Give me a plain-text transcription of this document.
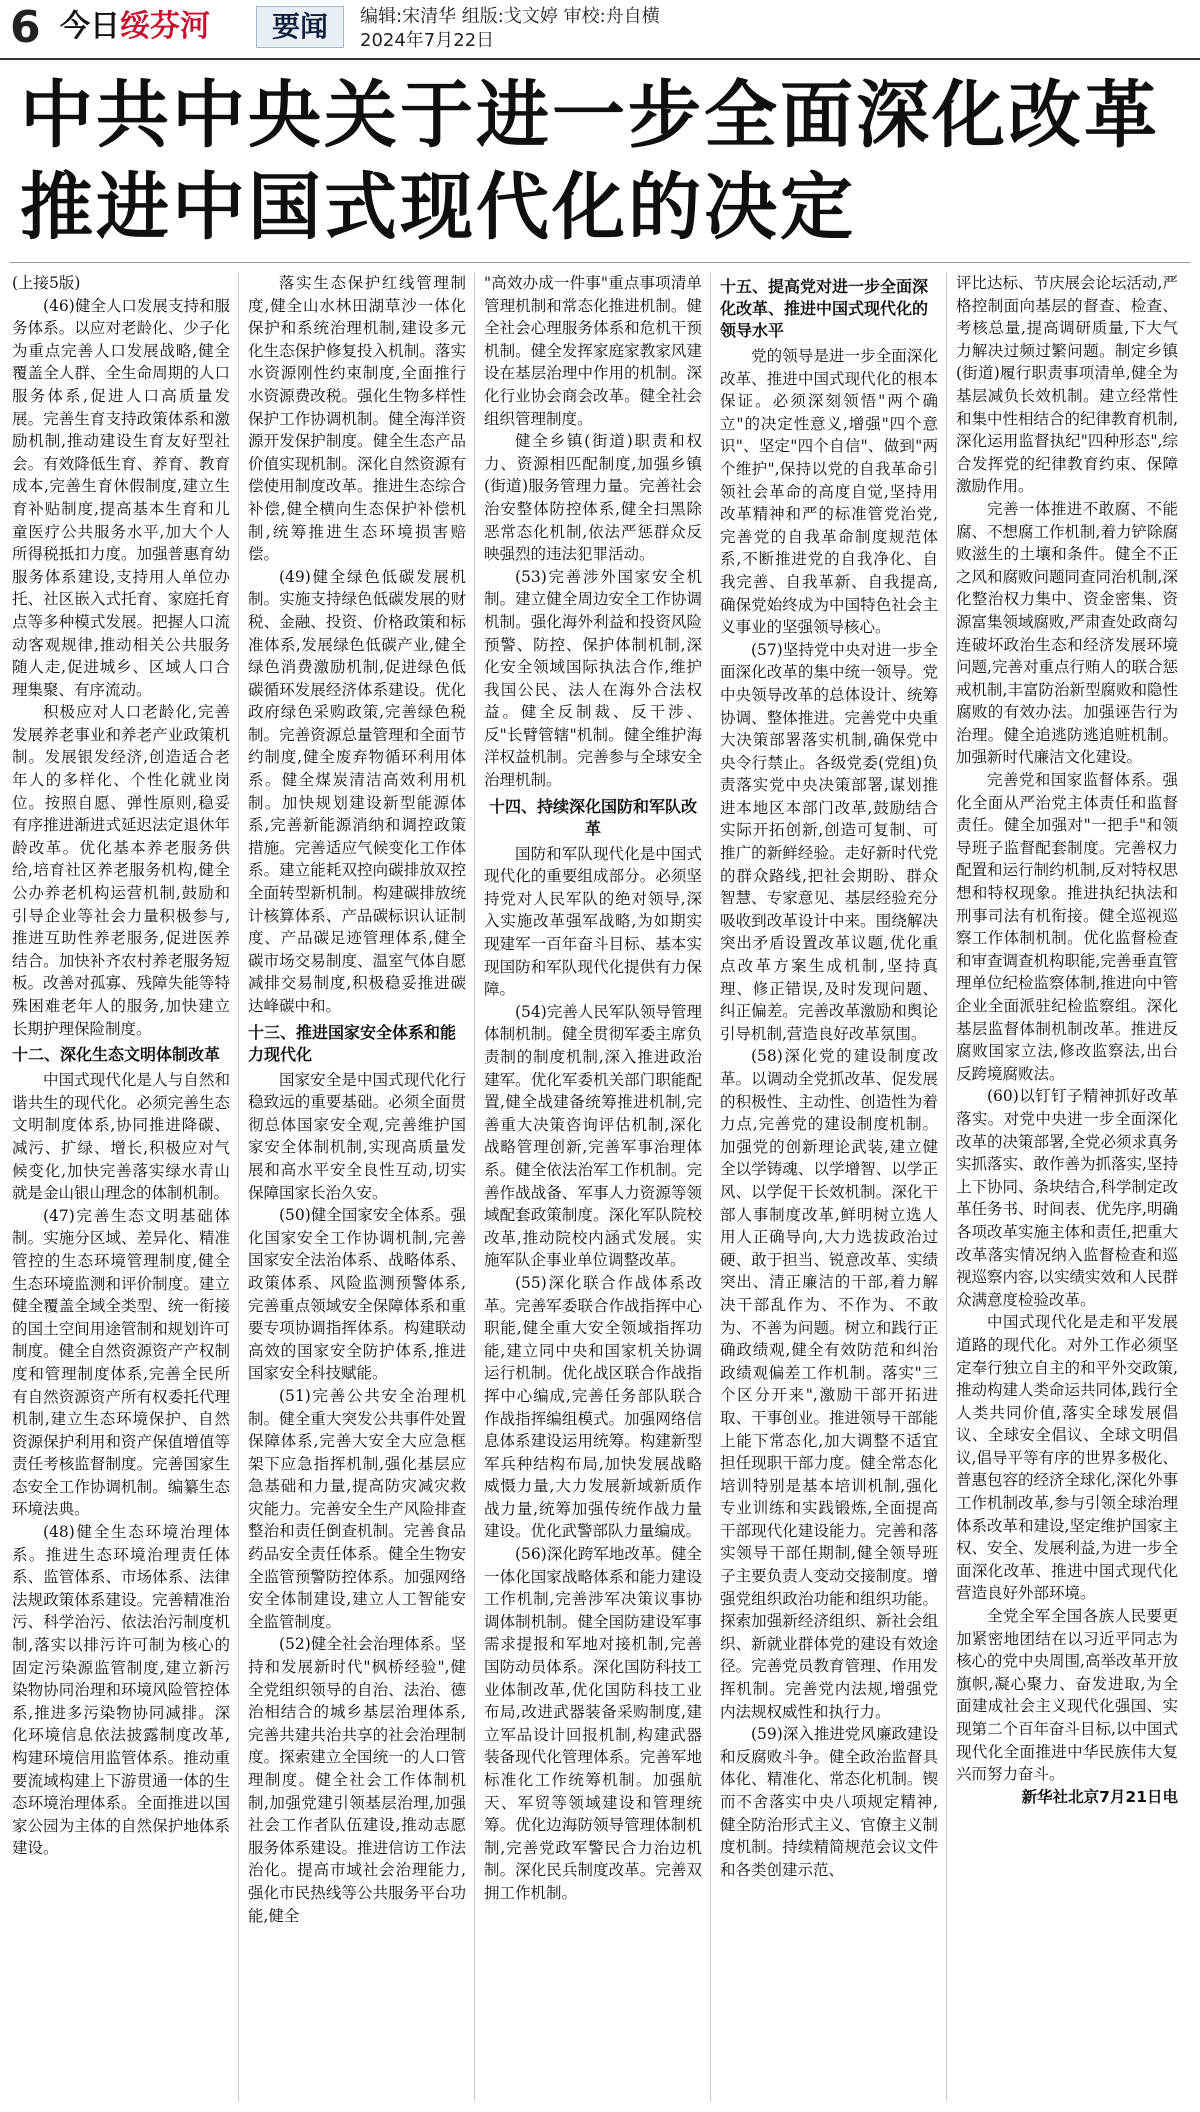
6 今日绥芬河	要闻	编辑:宋清华 组版:戈文婷 审校:舟自横
2024年7月22日
中共中央关于进一步全面深化改革
推进中国式现代化的决定

(上接5版)

(46)健全人口发展支持和服务体系。以应对老龄化、少子化为重点完善人口发展战略,健全覆盖全人群、全生命周期的人口服务体系,促进人口高质量发展。完善生育支持政策体系和激励机制,推动建设生育友好型社会。有效降低生育、养育、教育成本,完善生育休假制度,建立生育补贴制度,提高基本生育和儿童医疗公共服务水平,加大个人所得税抵扣力度。加强普惠育幼服务体系建设,支持用人单位办托、社区嵌入式托育、家庭托育点等多种模式发展。把握人口流动客观规律,推动相关公共服务随人走,促进城乡、区域人口合理集聚、有序流动。

积极应对人口老龄化,完善发展养老事业和养老产业政策机制。发展银发经济,创造适合老年人的多样化、个性化就业岗位。按照自愿、弹性原则,稳妥有序推进渐进式延迟法定退休年龄改革。优化基本养老服务供给,培育社区养老服务机构,健全公办养老机构运营机制,鼓励和引导企业等社会力量积极参与,推进互助性养老服务,促进医养结合。加快补齐农村养老服务短板。改善对孤寡、残障失能等特殊困难老年人的服务,加快建立长期护理保险制度。

十二、深化生态文明体制改革

中国式现代化是人与自然和谐共生的现代化。必须完善生态文明制度体系,协同推进降碳、减污、扩绿、增长,积极应对气候变化,加快完善落实绿水青山就是金山银山理念的体制机制。

(47)完善生态文明基础体制。实施分区域、差异化、精准管控的生态环境管理制度,健全生态环境监测和评价制度。建立健全覆盖全域全类型、统一衔接的国土空间用途管制和规划许可制度。健全自然资源资产产权制度和管理制度体系,完善全民所有自然资源资产所有权委托代理机制,建立生态环境保护、自然资源保护利用和资产保值增值等责任考核监督制度。完善国家生态安全工作协调机制。编纂生态环境法典。

(48)健全生态环境治理体系。推进生态环境治理责任体系、监管体系、市场体系、法律法规政策体系建设。完善精准治污、科学治污、依法治污制度机制,落实以排污许可制为核心的固定污染源监管制度,建立新污染物协同治理和环境风险管控体系,推进多污染物协同减排。深化环境信息依法披露制度改革,构建环境信用监管体系。推动重要流域构建上下游贯通一体的生态环境治理体系。全面推进以国家公园为主体的自然保护地体系建设。

落实生态保护红线管理制度,健全山水林田湖草沙一体化保护和系统治理机制,建设多元化生态保护修复投入机制。落实水资源刚性约束制度,全面推行水资源费改税。强化生物多样性保护工作协调机制。健全海洋资源开发保护制度。健全生态产品价值实现机制。深化自然资源有偿使用制度改革。推进生态综合补偿,健全横向生态保护补偿机制,统筹推进生态环境损害赔偿。

(49)健全绿色低碳发展机制。实施支持绿色低碳发展的财税、金融、投资、价格政策和标准体系,发展绿色低碳产业,健全绿色消费激励机制,促进绿色低碳循环发展经济体系建设。优化政府绿色采购政策,完善绿色税制。完善资源总量管理和全面节约制度,健全废弃物循环利用体系。健全煤炭清洁高效利用机制。加快规划建设新型能源体系,完善新能源消纳和调控政策措施。完善适应气候变化工作体系。建立能耗双控向碳排放双控全面转型新机制。构建碳排放统计核算体系、产品碳标识认证制度、产品碳足迹管理体系,健全碳市场交易制度、温室气体自愿减排交易制度,积极稳妥推进碳达峰碳中和。

十三、推进国家安全体系和能力现代化

国家安全是中国式现代化行稳致远的重要基础。必须全面贯彻总体国家安全观,完善维护国家安全体制机制,实现高质量发展和高水平安全良性互动,切实保障国家长治久安。

(50)健全国家安全体系。强化国家安全工作协调机制,完善国家安全法治体系、战略体系、政策体系、风险监测预警体系,完善重点领域安全保障体系和重要专项协调指挥体系。构建联动高效的国家安全防护体系,推进国家安全科技赋能。

(51)完善公共安全治理机制。健全重大突发公共事件处置保障体系,完善大安全大应急框架下应急指挥机制,强化基层应急基础和力量,提高防灾减灾救灾能力。完善安全生产风险排查整治和责任倒查机制。完善食品药品安全责任体系。健全生物安全监管预警防控体系。加强网络安全体制建设,建立人工智能安全监管制度。

(52)健全社会治理体系。坚持和发展新时代"枫桥经验",健全党组织领导的自治、法治、德治相结合的城乡基层治理体系,完善共建共治共享的社会治理制度。探索建立全国统一的人口管理制度。健全社会工作体制机制,加强党建引领基层治理,加强社会工作者队伍建设,推动志愿服务体系建设。推进信访工作法治化。提高市域社会治理能力,强化市民热线等公共服务平台功能,健全

"高效办成一件事"重点事项清单管理机制和常态化推进机制。健全社会心理服务体系和危机干预机制。健全发挥家庭家教家风建设在基层治理中作用的机制。深化行业协会商会改革。健全社会组织管理制度。

健全乡镇(街道)职责和权力、资源相匹配制度,加强乡镇(街道)服务管理力量。完善社会治安整体防控体系,健全扫黑除恶常态化机制,依法严惩群众反映强烈的违法犯罪活动。

(53)完善涉外国家安全机制。建立健全周边安全工作协调机制。强化海外利益和投资风险预警、防控、保护体制机制,深化安全领域国际执法合作,维护我国公民、法人在海外合法权益。健全反制裁、反干涉、反"长臂管辖"机制。健全维护海洋权益机制。完善参与全球安全治理机制。

十四、持续深化国防和军队改革

国防和军队现代化是中国式现代化的重要组成部分。必须坚持党对人民军队的绝对领导,深入实施改革强军战略,为如期实现建军一百年奋斗目标、基本实现国防和军队现代化提供有力保障。

(54)完善人民军队领导管理体制机制。健全贯彻军委主席负责制的制度机制,深入推进政治建军。优化军委机关部门职能配置,健全战建备统筹推进机制,完善重大决策咨询评估机制,深化战略管理创新,完善军事治理体系。健全依法治军工作机制。完善作战战备、军事人力资源等领域配套政策制度。深化军队院校改革,推动院校内涵式发展。实施军队企事业单位调整改革。

(55)深化联合作战体系改革。完善军委联合作战指挥中心职能,健全重大安全领域指挥功能,建立同中央和国家机关协调运行机制。优化战区联合作战指挥中心编成,完善任务部队联合作战指挥编组模式。加强网络信息体系建设运用统筹。构建新型军兵种结构布局,加快发展战略威慑力量,大力发展新域新质作战力量,统筹加强传统作战力量建设。优化武警部队力量编成。

(56)深化跨军地改革。健全一体化国家战略体系和能力建设工作机制,完善涉军决策议事协调体制机制。健全国防建设军事需求提报和军地对接机制,完善国防动员体系。深化国防科技工业体制改革,优化国防科技工业布局,改进武器装备采购制度,建立军品设计回报机制,构建武器装备现代化管理体系。完善军地标准化工作统筹机制。加强航天、军贸等领域建设和管理统筹。优化边海防领导管理体制机制,完善党政军警民合力治边机制。深化民兵制度改革。完善双拥工作机制。

十五、提高党对进一步全面深化改革、推进中国式现代化的领导水平

党的领导是进一步全面深化改革、推进中国式现代化的根本保证。必须深刻领悟"两个确立"的决定性意义,增强"四个意识"、坚定"四个自信"、做到"两个维护",保持以党的自我革命引领社会革命的高度自觉,坚持用改革精神和严的标准管党治党,完善党的自我革命制度规范体系,不断推进党的自我净化、自我完善、自我革新、自我提高,确保党始终成为中国特色社会主义事业的坚强领导核心。

(57)坚持党中央对进一步全面深化改革的集中统一领导。党中央领导改革的总体设计、统筹协调、整体推进。完善党中央重大决策部署落实机制,确保党中央令行禁止。各级党委(党组)负责落实党中央决策部署,谋划推进本地区本部门改革,鼓励结合实际开拓创新,创造可复制、可推广的新鲜经验。走好新时代党的群众路线,把社会期盼、群众智慧、专家意见、基层经验充分吸收到改革设计中来。围绕解决突出矛盾设置改革议题,优化重点改革方案生成机制,坚持真理、修正错误,及时发现问题、纠正偏差。完善改革激励和舆论引导机制,营造良好改革氛围。

(58)深化党的建设制度改革。以调动全党抓改革、促发展的积极性、主动性、创造性为着力点,完善党的建设制度机制。加强党的创新理论武装,建立健全以学铸魂、以学增智、以学正风、以学促干长效机制。深化干部人事制度改革,鲜明树立选人用人正确导向,大力选拔政治过硬、敢于担当、锐意改革、实绩突出、清正廉洁的干部,着力解决干部乱作为、不作为、不敢为、不善为问题。树立和践行正确政绩观,健全有效防范和纠治政绩观偏差工作机制。落实"三个区分开来",激励干部开拓进取、干事创业。推进领导干部能上能下常态化,加大调整不适宜担任现职干部力度。健全常态化培训特别是基本培训机制,强化专业训练和实践锻炼,全面提高干部现代化建设能力。完善和落实领导干部任期制,健全领导班子主要负责人变动交接制度。增强党组织政治功能和组织功能。探索加强新经济组织、新社会组织、新就业群体党的建设有效途径。完善党员教育管理、作用发挥机制。完善党内法规,增强党内法规权威性和执行力。

(59)深入推进党风廉政建设和反腐败斗争。健全政治监督具体化、精准化、常态化机制。锲而不舍落实中央八项规定精神,健全防治形式主义、官僚主义制度机制。持续精简规范会议文件和各类创建示范、

评比达标、节庆展会论坛活动,严格控制面向基层的督查、检查、考核总量,提高调研质量,下大气力解决过频过繁问题。制定乡镇(街道)履行职责事项清单,健全为基层减负长效机制。建立经常性和集中性相结合的纪律教育机制,深化运用监督执纪"四种形态",综合发挥党的纪律教育约束、保障激励作用。

完善一体推进不敢腐、不能腐、不想腐工作机制,着力铲除腐败滋生的土壤和条件。健全不正之风和腐败问题同查同治机制,深化整治权力集中、资金密集、资源富集领域腐败,严肃查处政商勾连破坏政治生态和经济发展环境问题,完善对重点行贿人的联合惩戒机制,丰富防治新型腐败和隐性腐败的有效办法。加强诬告行为治理。健全追逃防逃追赃机制。加强新时代廉洁文化建设。

完善党和国家监督体系。强化全面从严治党主体责任和监督责任。健全加强对"一把手"和领导班子监督配套制度。完善权力配置和运行制约机制,反对特权思想和特权现象。推进执纪执法和刑事司法有机衔接。健全巡视巡察工作体制机制。优化监督检查和审查调查机构职能,完善垂直管理单位纪检监察体制,推进向中管企业全面派驻纪检监察组。深化基层监督体制机制改革。推进反腐败国家立法,修改监察法,出台反跨境腐败法。

(60)以钉钉子精神抓好改革落实。对党中央进一步全面深化改革的决策部署,全党必须求真务实抓落实、敢作善为抓落实,坚持上下协同、条块结合,科学制定改革任务书、时间表、优先序,明确各项改革实施主体和责任,把重大改革落实情况纳入监督检查和巡视巡察内容,以实绩实效和人民群众满意度检验改革。

中国式现代化是走和平发展道路的现代化。对外工作必须坚定奉行独立自主的和平外交政策,推动构建人类命运共同体,践行全人类共同价值,落实全球发展倡议、全球安全倡议、全球文明倡议,倡导平等有序的世界多极化、普惠包容的经济全球化,深化外事工作机制改革,参与引领全球治理体系改革和建设,坚定维护国家主权、安全、发展利益,为进一步全面深化改革、推进中国式现代化营造良好外部环境。

全党全军全国各族人民要更加紧密地团结在以习近平同志为核心的党中央周围,高举改革开放旗帜,凝心聚力、奋发进取,为全面建成社会主义现代化强国、实现第二个百年奋斗目标,以中国式现代化全面推进中华民族伟大复兴而努力奋斗。

新华社北京7月21日电
